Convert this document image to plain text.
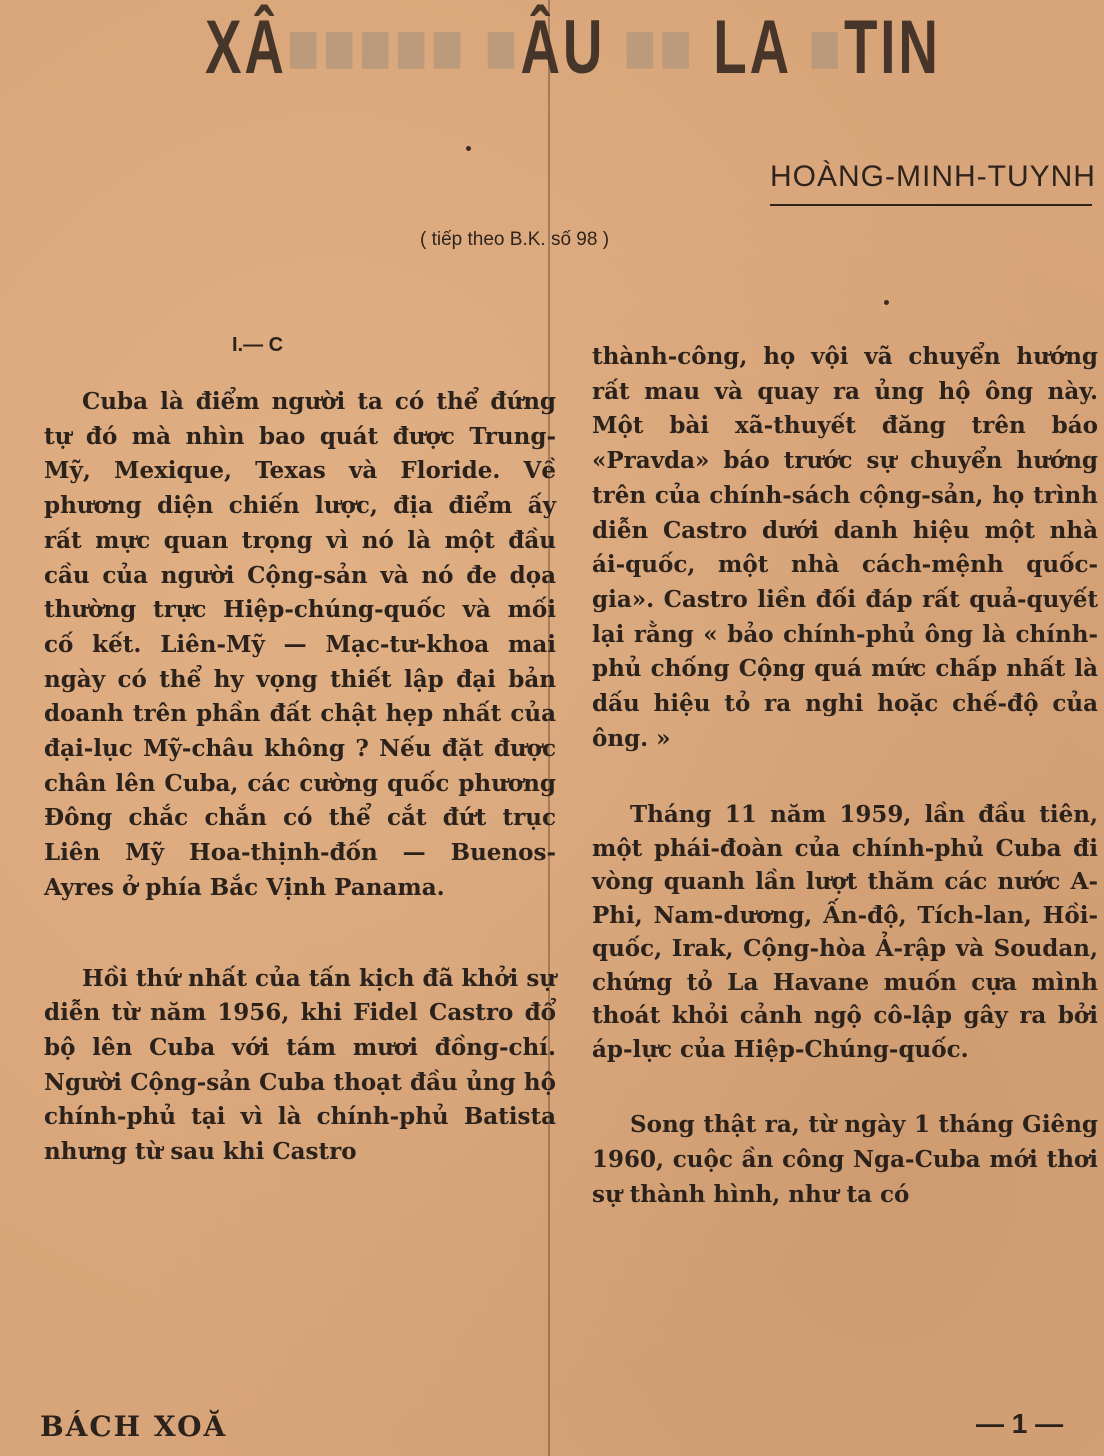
XÂ■■■■■ ■ÂU ■■ LA ■TIN
HOÀNG-MINH-TUYNH
( tiếp theo B.K. số 98 )
I.— C

Cuba là điểm người ta có thể đứng tự đó mà nhìn bao quát được Trung-Mỹ, Mexique, Texas và Floride. Về phương diện chiến lược, địa điểm ấy rất mực quan trọng vì nó là một đầu cầu của người Cộng-sản và nó đe dọa thường trực Hiệp-chúng-quốc và mối cố kết. Liên-Mỹ — Mạc-tư-khoa mai ngày có thể hy vọng thiết lập đại bản doanh trên phần đất chật hẹp nhất của đại-lục Mỹ-châu không ? Nếu đặt được chân lên Cuba, các cường quốc phương Đông chắc chắn có thể cắt đứt trục Liên Mỹ Hoa-thịnh-đốn — Buenos-Ayres ở phía Bắc Vịnh Panama.

Hồi thứ nhất của tấn kịch đã khởi sự diễn từ năm 1956, khi Fidel Castro đổ bộ lên Cuba với tám mươi đồng-chí. Người Cộng-sản Cuba thoạt đầu ủng hộ chính-phủ tại vì là chính-phủ Batista nhưng từ sau khi Castro

thành-công, họ vội vã chuyển hướng rất mau và quay ra ủng hộ ông này. Một bài xã-thuyết đăng trên báo «Pravda» báo trước sự chuyển hướng trên của chính-sách cộng-sản, họ trình diễn Castro dưới danh hiệu một nhà ái-quốc, một nhà cách-mệnh quốc-gia». Castro liền đối đáp rất quả-quyết lại rằng « bảo chính-phủ ông là chính-phủ chống Cộng quá mức chấp nhất là dấu hiệu tỏ ra nghi hoặc chế-độ của ông. »

Tháng 11 năm 1959, lần đầu tiên, một phái-đoàn của chính-phủ Cuba đi vòng quanh lần lượt thăm các nước A-Phi, Nam-dương, Ấn-độ, Tích-lan, Hồi-quốc, Irak, Cộng-hòa Ả-rập và Soudan, chứng tỏ La Havane muốn cựa mình thoát khỏi cảnh ngộ cô-lập gây ra bởi áp-lực của Hiệp-Chúng-quốc.

Song thật ra, từ ngày 1 tháng Giêng 1960, cuộc ần công Nga-Cuba mới thơi sự thành hình, như ta có

BÁCH XOĂ	— 1 —
